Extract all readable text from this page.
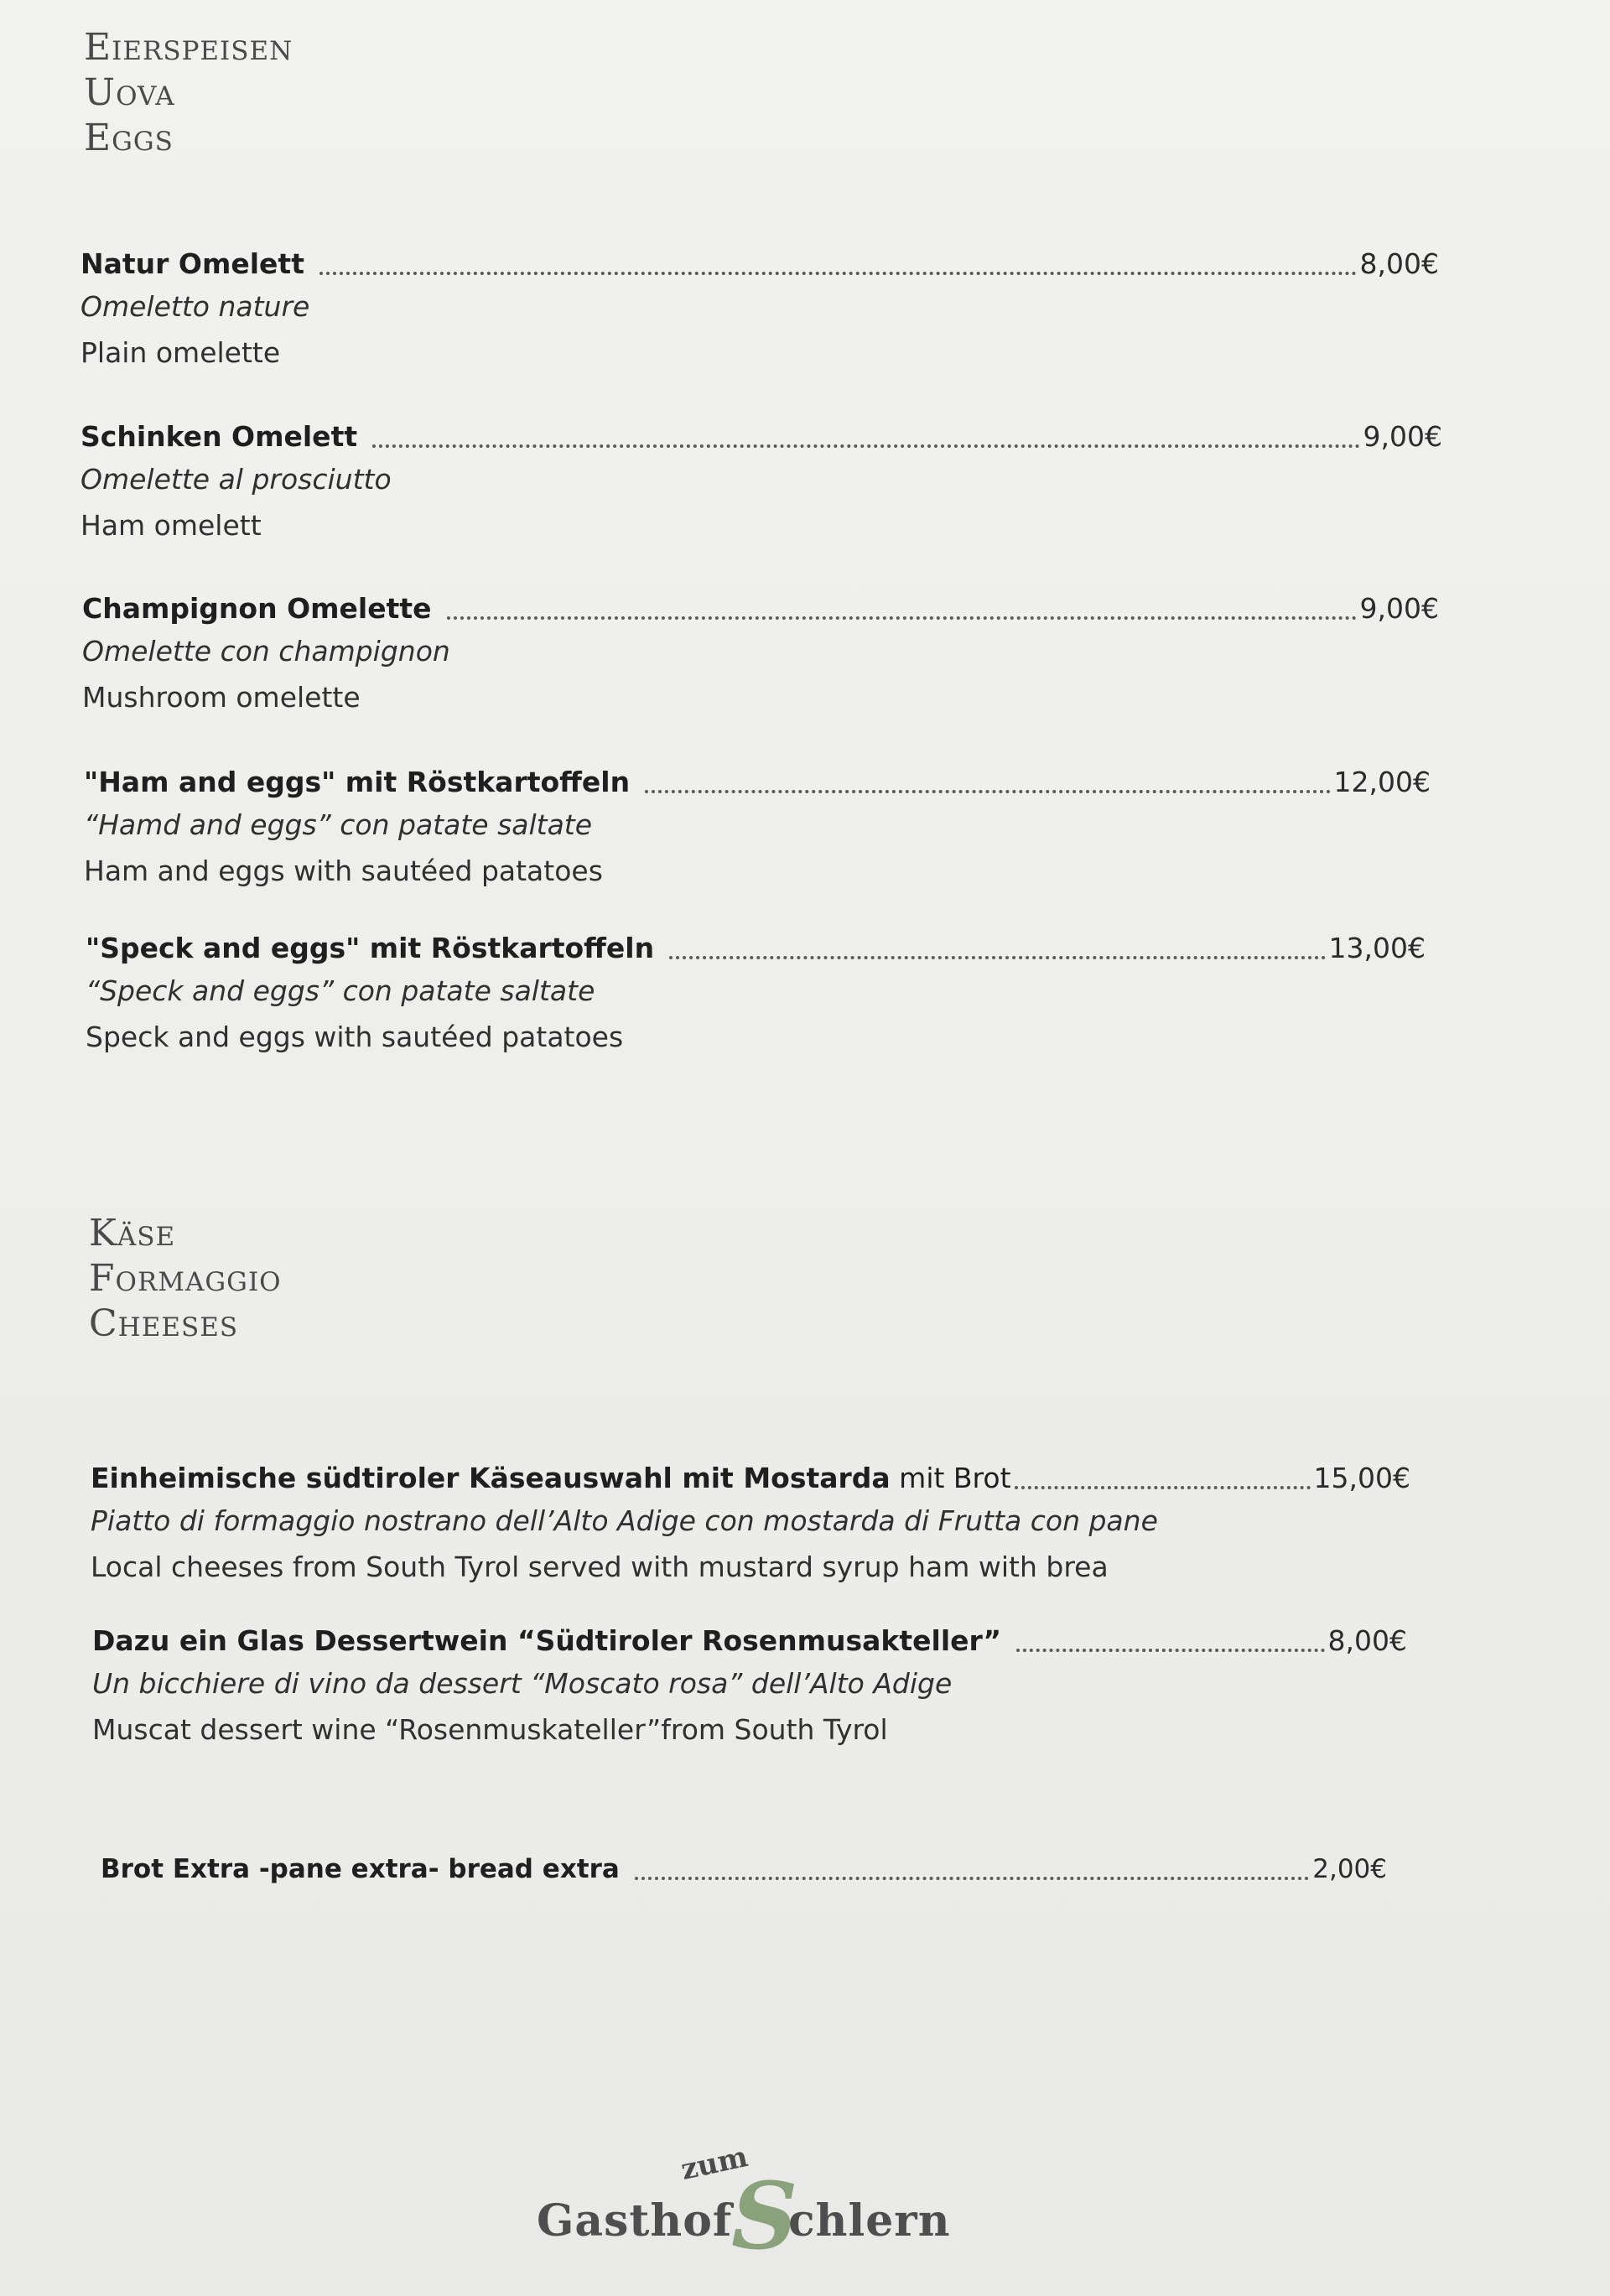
Eierspeisen
Uova
Eggs
Natur Omelett	8,00€
Omeletto nature
Plain omelette
Schinken Omelett	9,00€
Omelette al prosciutto
Ham omelett
Champignon Omelette	9,00€
Omelette con champignon
Mushroom omelette
"Ham and eggs" mit Röstkartoffeln	12,00€
“Hamd and eggs” con patate saltate
Ham and eggs with sautéed patatoes
"Speck and eggs" mit Röstkartoffeln	13,00€
“Speck and eggs” con patate saltate
Speck and eggs with sautéed patatoes
Käse
Formaggio
Cheeses
Einheimische südtiroler Käseauswahl mit Mostarda mit Brot	15,00€
Piatto di formaggio nostrano dell’Alto Adige con mostarda di Frutta con pane
Local cheeses from South Tyrol served with mustard syrup ham with brea
Dazu ein Glas Dessertwein “Südtiroler Rosenmusakteller”	8,00€
Un bicchiere di vino da dessert “Moscato rosa” dell’Alto Adige
Muscat dessert wine “Rosenmuskateller”from South Tyrol
Brot Extra -pane extra- bread extra	2,00€
zum
Gasthof
S
chlern
